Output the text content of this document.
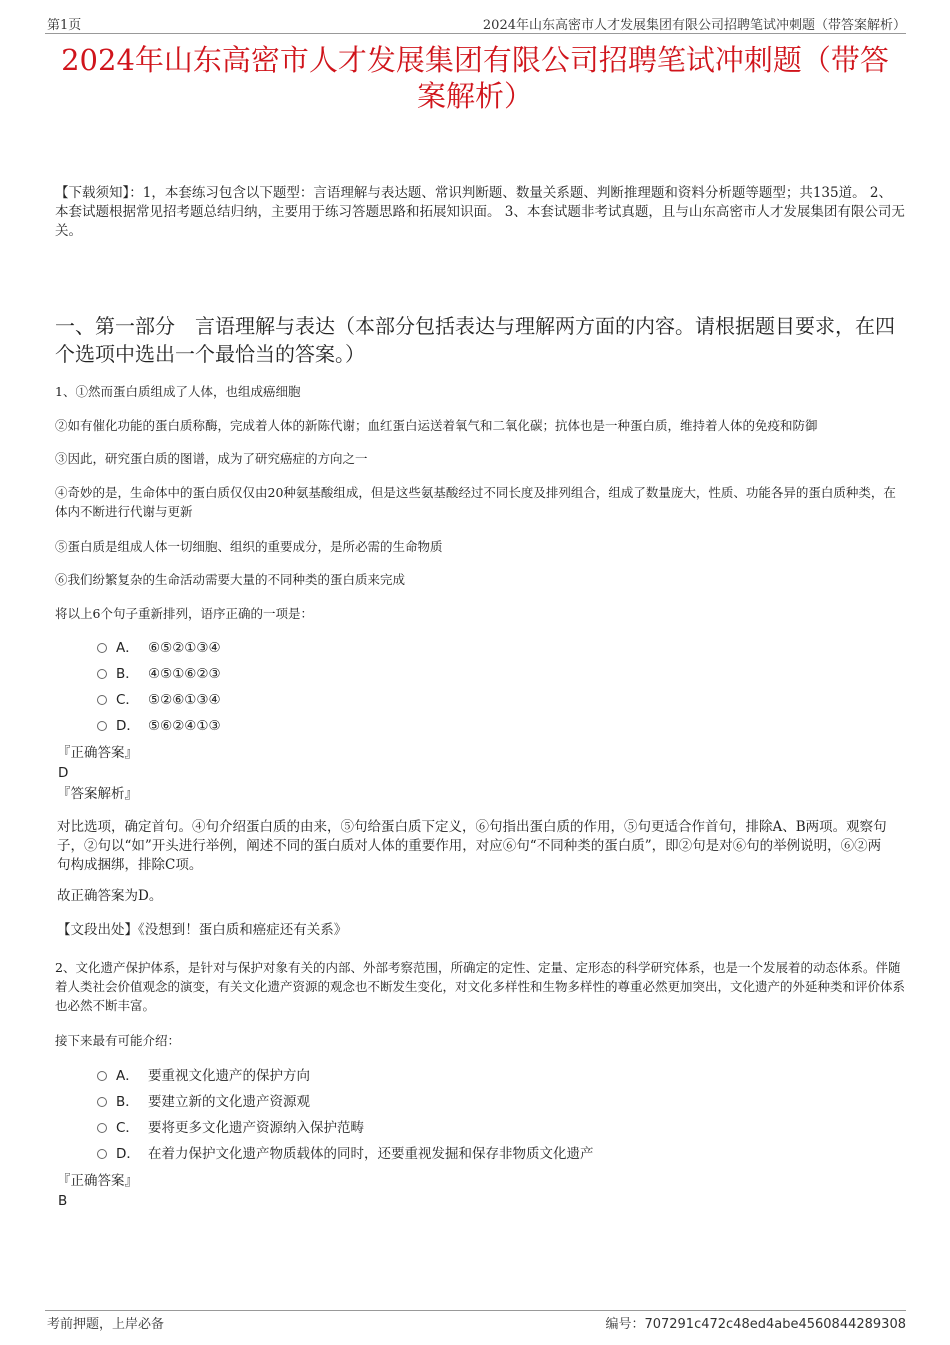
第1页	2024年山东高密市人才发展集团有限公司招聘笔试冲刺题（带答案解析）
2024年山东高密市人才发展集团有限公司招聘笔试冲刺题（带答案解析）

【下载须知】：1，本套练习包含以下题型：言语理解与表达题、常识判断题、数量关系题、判断推理题和资料分析题等题型；共135道。 2、本套试题根据常见招考题总结归纳，主要用于练习答题思路和拓展知识面。 3、本套试题非考试真题，且与山东高密市人才发展集团有限公司无关。

一、第一部分　言语理解与表达（本部分包括表达与理解两方面的内容。请根据题目要求，在四个选项中选出一个最恰当的答案。）

1、①然而蛋白质组成了人体，也组成癌细胞

②如有催化功能的蛋白质称酶，完成着人体的新陈代谢；血红蛋白运送着氧气和二氧化碳；抗体也是一种蛋白质，维持着人体的免疫和防御

③因此，研究蛋白质的图谱，成为了研究癌症的方向之一

④奇妙的是，生命体中的蛋白质仅仅由20种氨基酸组成，但是这些氨基酸经过不同长度及排列组合，组成了数量庞大，性质、功能各异的蛋白质种类，在体内不断进行代谢与更新

⑤蛋白质是组成人体一切细胞、组织的重要成分，是所必需的生命物质

⑥我们纷繁复杂的生命活动需要大量的不同种类的蛋白质来完成

将以上6个句子重新排列，语序正确的一项是：

A． ⑥⑤②①③④
B． ④⑤①⑥②③
C． ⑤②⑥①③④
D． ⑤⑥②④①③
『正确答案』
D
『答案解析』

对比选项，确定首句。④句介绍蛋白质的由来，⑤句给蛋白质下定义，⑥句指出蛋白质的作用，⑤句更适合作首句，排除A、B两项。观察句子，②句以“如”开头进行举例，阐述不同的蛋白质对人体的重要作用，对应⑥句“不同种类的蛋白质”，即②句是对⑥句的举例说明，⑥②两句构成捆绑，排除C项。

故正确答案为D。

【文段出处】《没想到！蛋白质和癌症还有关系》

2、文化遗产保护体系，是针对与保护对象有关的内部、外部考察范围，所确定的定性、定量、定形态的科学研究体系，也是一个发展着的动态体系。伴随着人类社会价值观念的演变，有关文化遗产资源的观念也不断发生变化，对文化多样性和生物多样性的尊重必然更加突出，文化遗产的外延种类和评价体系也必然不断丰富。

接下来最有可能介绍：

A． 要重视文化遗产的保护方向
B． 要建立新的文化遗产资源观
C． 要将更多文化遗产资源纳入保护范畴
D． 在着力保护文化遗产物质载体的同时，还要重视发掘和保存非物质文化遗产
『正确答案』
B
考前押题，上岸必备	编号：707291c472c48ed4abe4560844289308
